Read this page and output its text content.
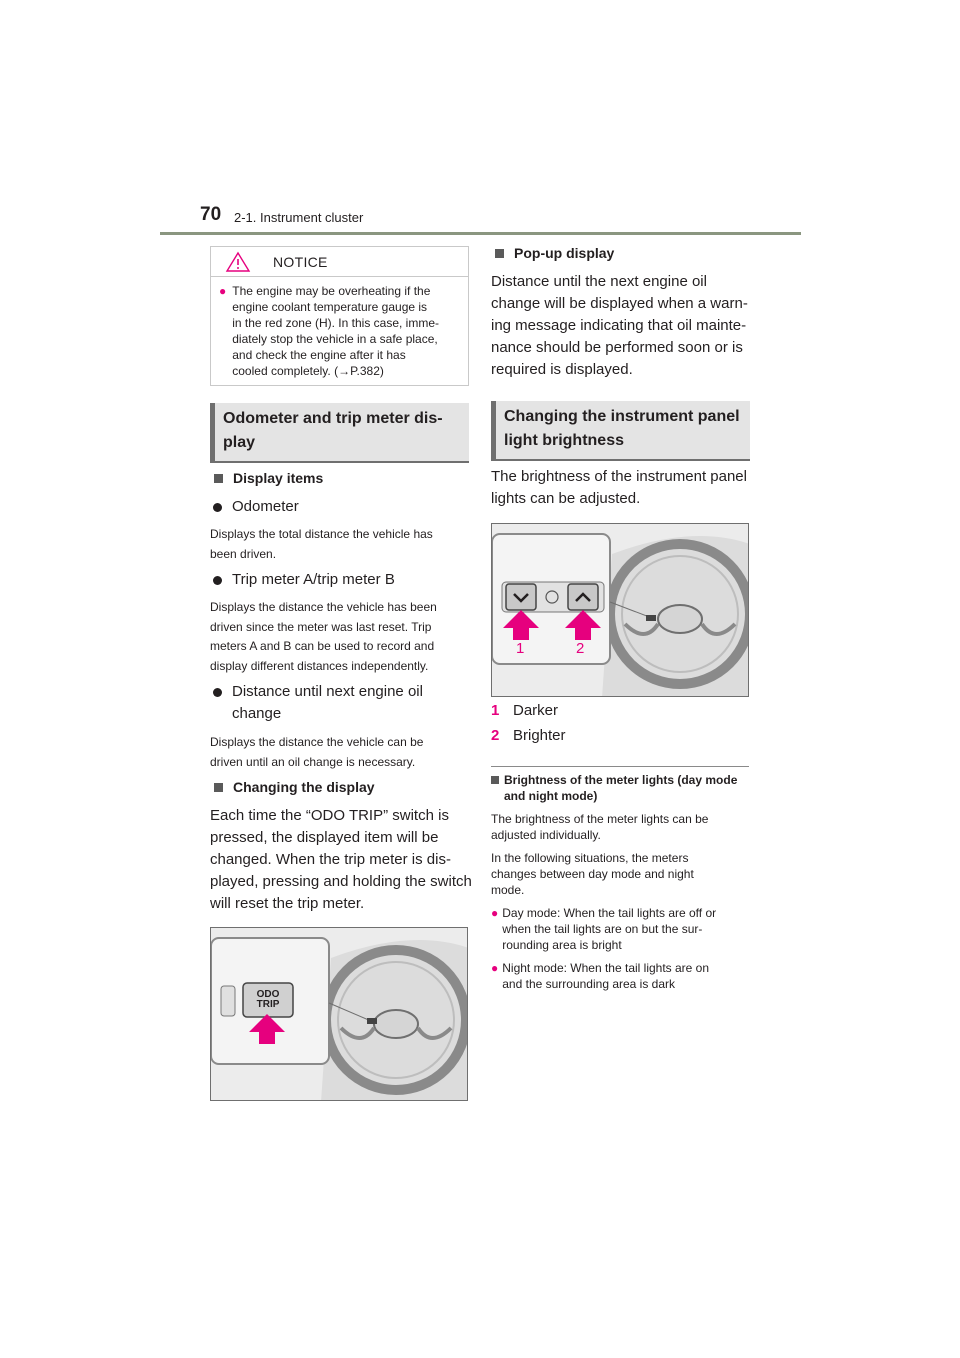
70 2-1. Instrument cluster
NOTICE
● The engine may be overheating if the
engine coolant temperature gauge is
in the red zone (H). In this case, imme-
diately stop the vehicle in a safe place,
and check the engine after it has
cooled completely. (→P.382)
Odometer and trip meter dis-
play
Display items
Odometer
Displays the total distance the vehicle has
been driven.
Trip meter A/trip meter B
Displays the distance the vehicle has been
driven since the meter was last reset. Trip
meters A and B can be used to record and
display different distances independently.
Distance until next engine oil
change
Displays the distance the vehicle can be
driven until an oil change is necessary.
Changing the display
Each time the “ODO TRIP” switch is
pressed, the displayed item will be
changed. When the trip meter is dis-
played, pressing and holding the switch
will reset the trip meter.
ODO
TRIP
Pop-up display
Distance until the next engine oil
change will be displayed when a warn-
ing message indicating that oil mainte-
nance should be performed soon or is
required is displayed.
Changing the instrument panel
light brightness
The brightness of the instrument panel
lights can be adjusted.
1	2
1 Darker
2 Brighter
Brightness of the meter lights (day mode
and night mode)
The brightness of the meter lights can be
adjusted individually.
In the following situations, the meters
changes between day mode and night
mode.
● Day mode: When the tail lights are off or
when the tail lights are on but the sur-
rounding area is bright
● Night mode: When the tail lights are on
and the surrounding area is dark
